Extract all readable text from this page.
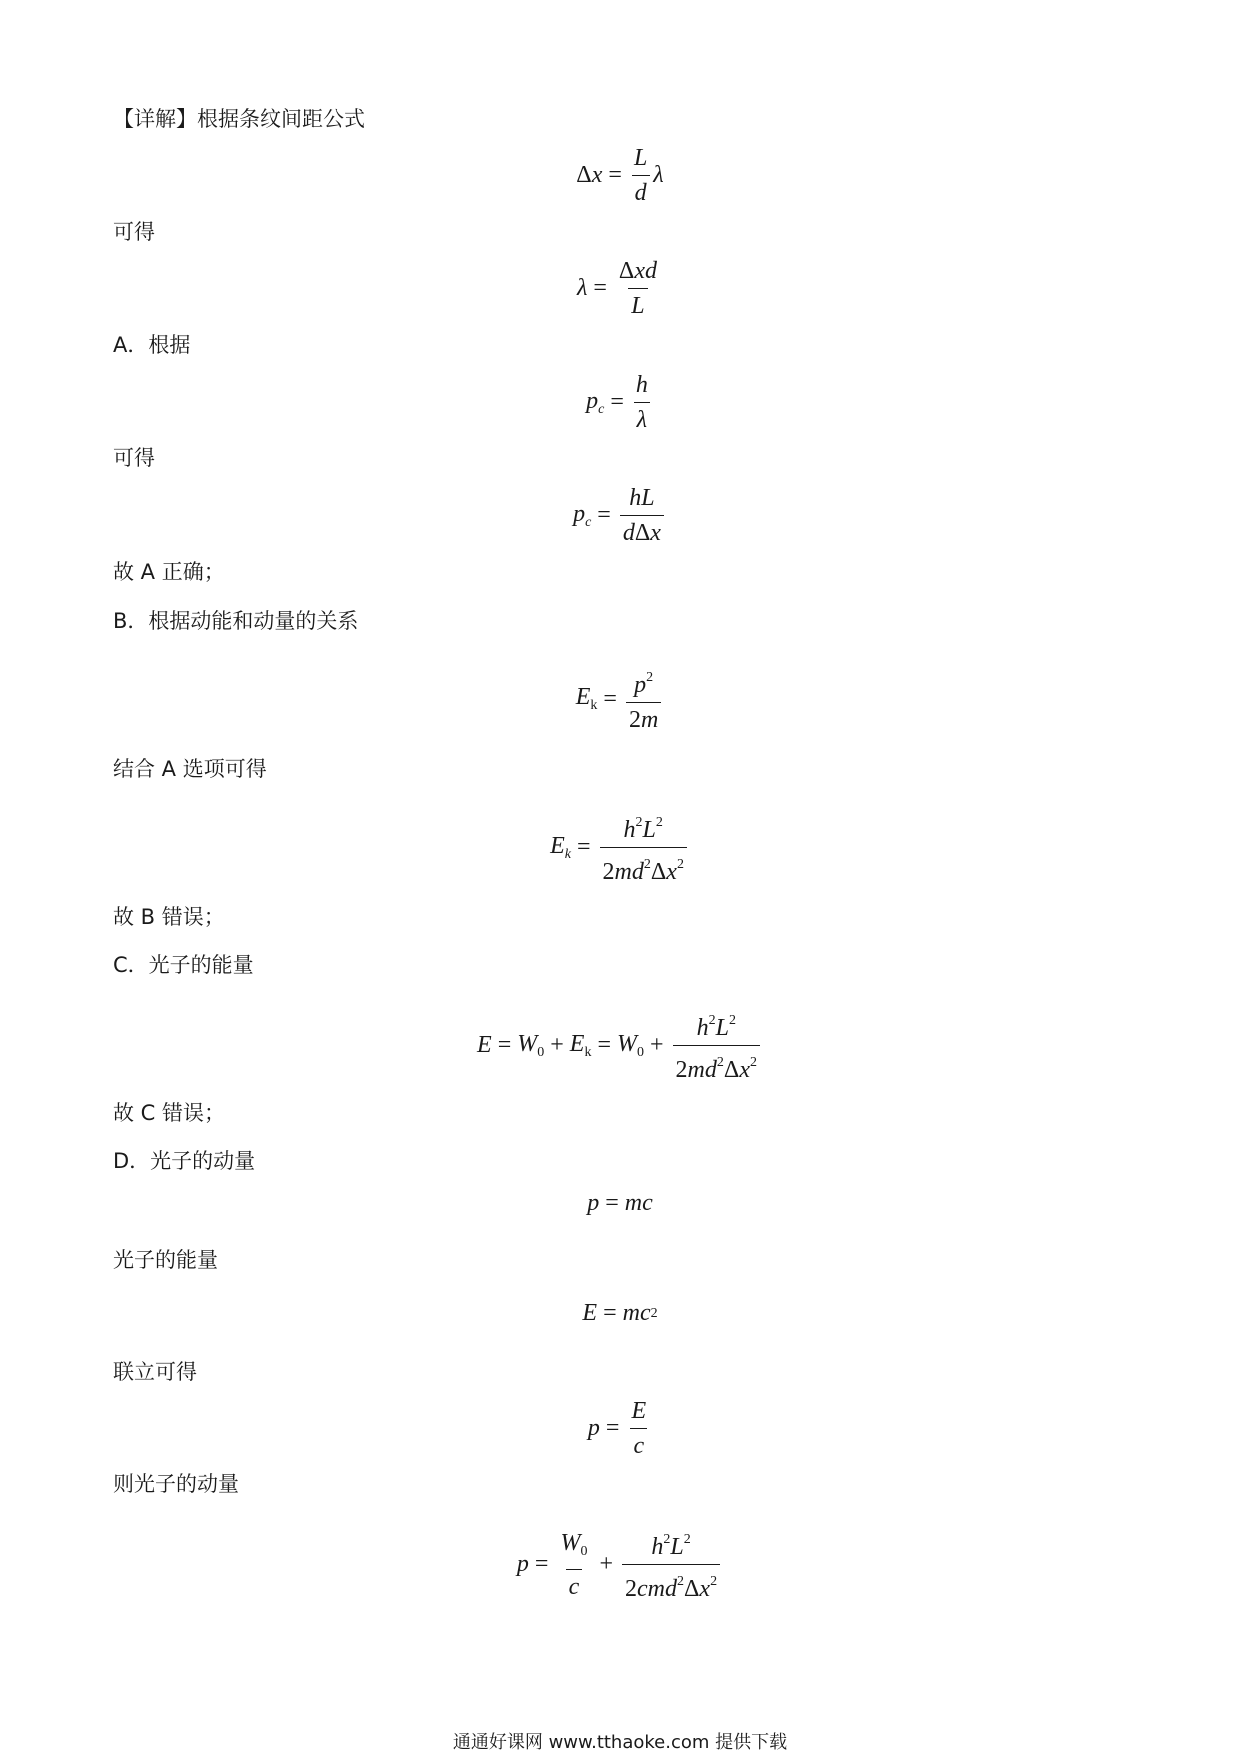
【详解】根据条纹间距公式
$\Delta x = \frac{L}{d}$ λ
可得
$\lambda = \frac{\text{Δxd}}{L}$
A．根据
$p_c = \frac{h}{\lambda}$
可得
$p_c = \frac{hL}{\text{dΔx}}$
故 A 正确；
B．根据动能和动量的关系
$E_k = \frac{p^2}{2m}$
结合 A 选项可得
$E_k = \frac{h^2L^2}{2md^2\Delta x^2}$
故 B 错误；
C．光子的能量
$E = W_0 + E_k = W_0 + \frac{h^2L^2}{2md^2\Delta x^2}$
故 C 错误；
D．光子的动量
p = mc
光子的能量
E = mc 2
联立可得
$p = \frac{E}{c}$
则光子的动量
$p = \frac{W_0}{c} + \frac{h^2L^2}{2cmd^2\Delta x^2}$
通通好课网 www.tthaoke.com 提供下载
